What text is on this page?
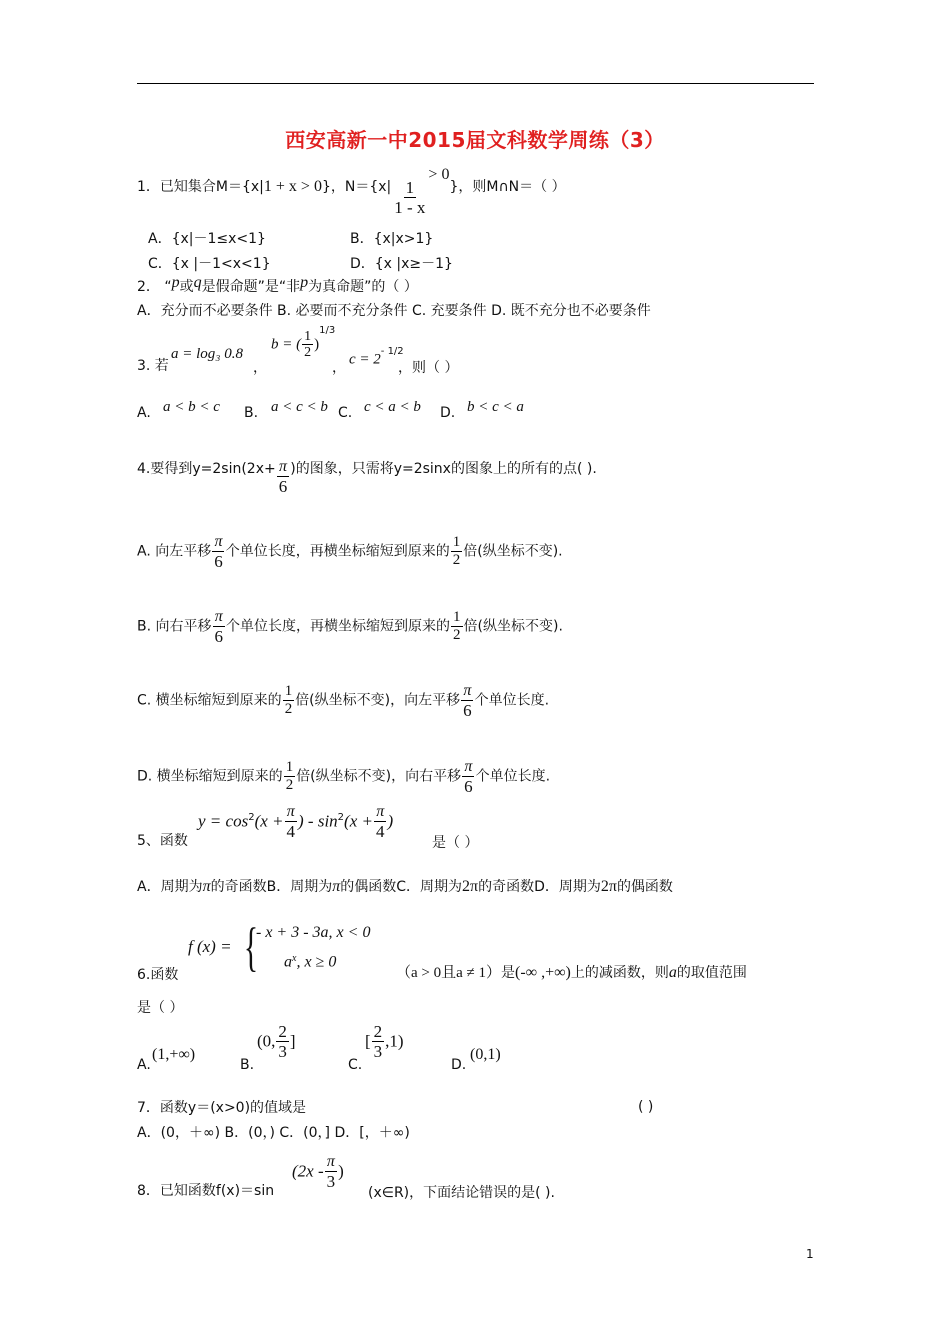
西安高新一中2015届文科数学周练（3）
1．已知集合M＝{x|1 + x > 0}，$N=\{x| \frac{1}{1 - x}$
> 0}，则M∩N＝（ ）
A．{x|－1≤x<1}	B．{x|x>1}
C．{x |－1<x<1}	D．{x |x≥－1}
2． “p或q是假命题”是“非p为真命题”的（ ）
A．充分而不必要条件 B. 必要而不充分条件 C. 充要条件 D. 既不充分也不必要条件
3. 若
a = log₃ 0.8
，
b = ( $\frac{1}{2} )^{1/3}$
，
$c = 2^{- 1/2}$
，则（ ）
A. a < b < c B. a < c < b C. c < a < b D. b < c < a
4.要得到$y=2\sin(2x+ \frac{\pi}{6}$ )的图象，只需将y=2sinx的图象上的所有的点( ).
A. 向左平移 $\frac{\pi}{6}$ 个单位长度，再横坐标缩短到原来的 $\frac{1}{2}$ 倍(纵坐标不变).
B. 向右平移 $\frac{\pi}{6}$ 个单位长度，再横坐标缩短到原来的 $\frac{1}{2}$ 倍(纵坐标不变).
C. 横坐标缩短到原来的 $\frac{1}{2}$ 倍(纵坐标不变)，向左平移 $\frac{\pi}{6}$ 个单位长度.
D. 横坐标缩短到原来的 $\frac{1}{2}$ 倍(纵坐标不变)，向右平移 $\frac{\pi}{6}$ 个单位长度.
5、函数
$y = \cos^2(x + \frac{\pi}{4}$ ) - $\sin^2(x + \frac{\pi}{4}$ )
是（ ）
A．周期为π的奇函数B．周期为π的偶函数C．周期为2π的奇函数D．周期为2π的偶函数
f (x) = {
- x + 3 - 3a, x < 0
$a^x$, x ≥ 0
6.函数	（a > 0且a ≠ 1）是(-∞ ,+∞)上的减函数，则a的取值范围
是（ ）
A.
(1,+∞)
B.
(0, $\frac{2}{3}$ ]
C.
[ $\frac{2}{3} ,1$)
D.
(0,1)
7．函数y＝(x>0)的值域是	( )
A．(0，＋∞) B．(0，) C．(0，] D．[，＋∞)
8．已知函数f(x)＝sin
($2x - \frac{\pi}{3}$ )
(x∈R)，下面结论错误的是( ).
1
